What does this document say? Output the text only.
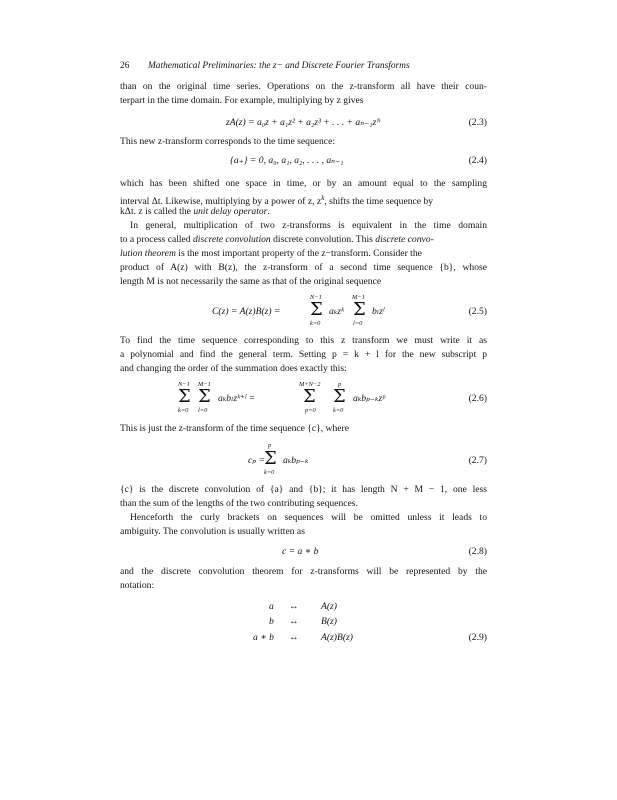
26 Mathematical Preliminaries: the z− and Discrete Fourier Transforms
than on the original time series. Operations on the z-transform all have their coun-
terpart in the time domain. For example, multiplying by z gives
zA(z) = a₀z + a₁z² + a₂z³ + . . . + aₙ₋₁zᴺ	(2.3)
This new z-transform corresponds to the time sequence:
{a₊} = 0, a₀, a₁, a₂, . . . , aₙ₋₁	(2.4)
which has been shifted one space in time, or by an amount equal to the sampling
interval Δt. Likewise, multiplying by a power of z, $z^k$, shifts the time sequence by
kΔt. z is called the unit delay operator.
In general, multiplication of two z-transforms is equivalent in the time domain
to a process called discrete convolution discrete convolution. This discrete convo-
lution theorem is the most important property of the z−transform. Consider the
product of A(z) with B(z), the z-transform of a second time sequence {b}, whose
length M is not necessarily the same as that of the original sequence
C(z) = A(z)B(z) =
N−1
Σ
k=0
aₖzᵏ
M−1
Σ
l=0
bₗzˡ	(2.5)
To find the time sequence corresponding to this z transform we must write it as
a polynomial and find the general term. Setting p = k + l for the new subscript p
and changing the order of the summation does exactly this:
N−1
Σ
k=0
M−1
Σ
l=0
aₖbₗzᵏ⁺ˡ =
M+N−2
Σ
p=0
p
Σ
k=0
aₖbₚ₋ₖzᵖ	(2.6)
This is just the z-transform of the time sequence {c}, where
cₚ =
p
Σ
k=0
aₖbₚ₋ₖ	(2.7)
{c} is the discrete convolution of {a} and {b}; it has length N + M − 1, one less
than the sum of the lengths of the two contributing sequences.
Henceforth the curly brackets on sequences will be omitted unless it leads to
ambiguity. The convolution is usually written as
c = a ∗ b	(2.8)
and the discrete convolution theorem for z-transforms will be represented by the
notation:
a ↔ A(z)
b ↔ B(z)
a ∗ b ↔ A(z)B(z)	(2.9)
